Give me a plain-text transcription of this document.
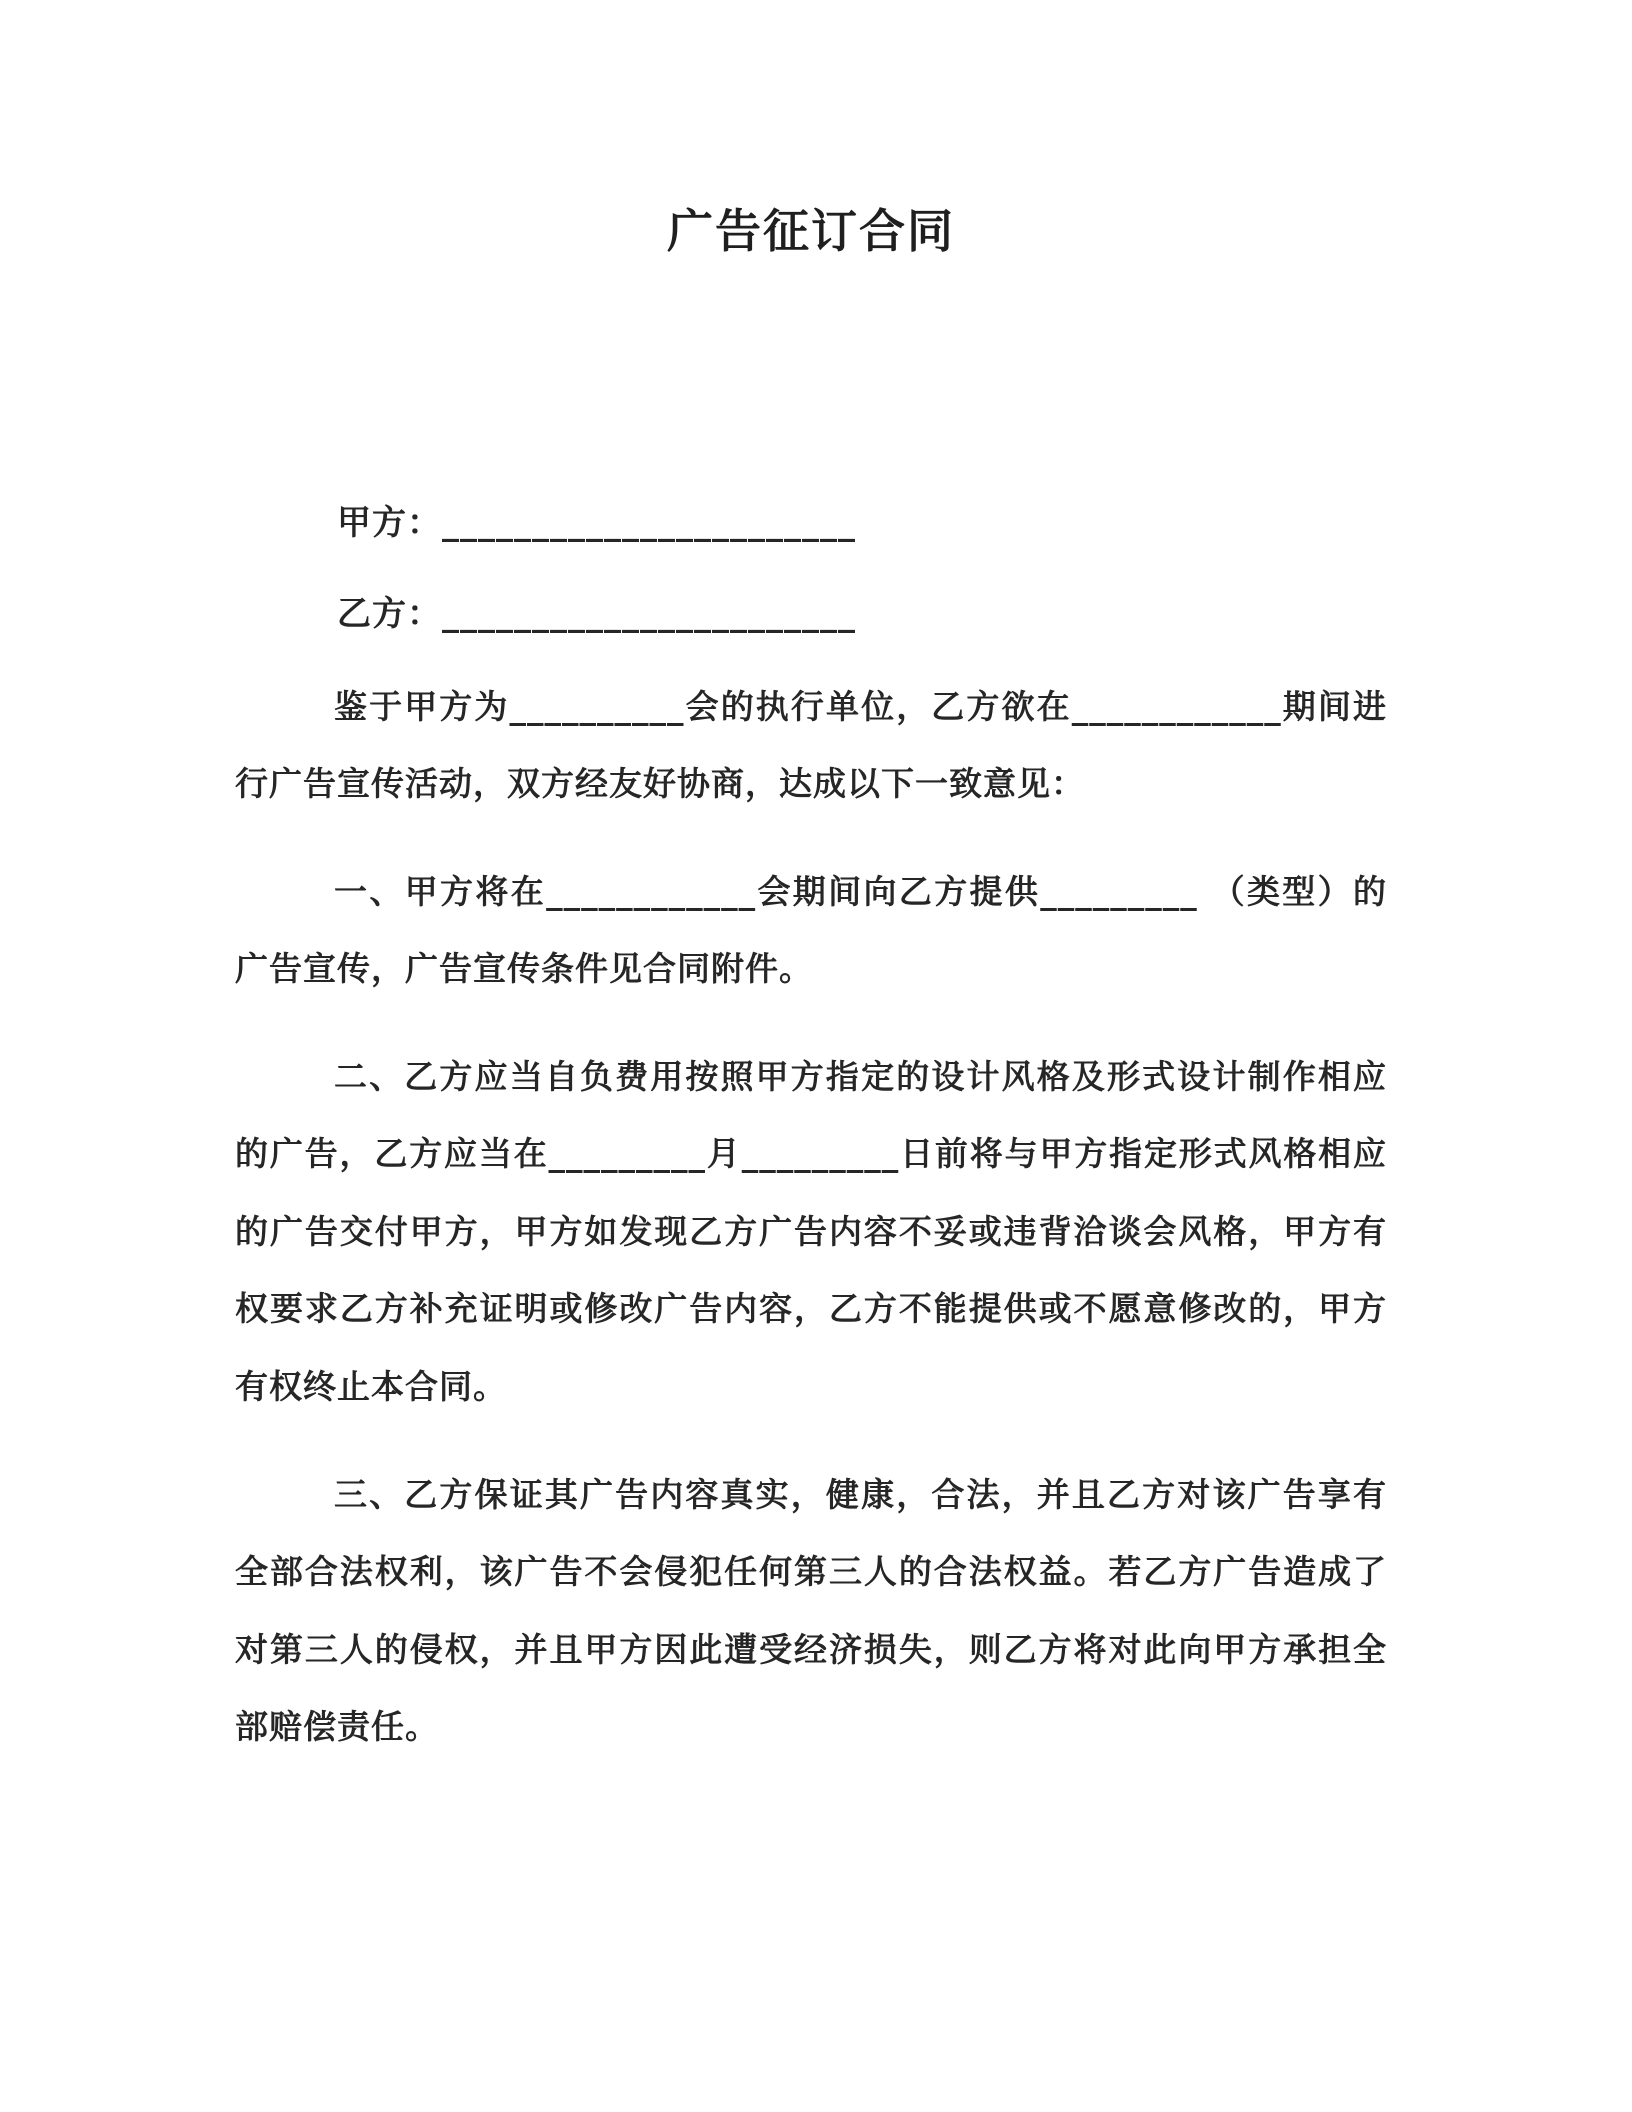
广告征订合同

甲方：_______________________

乙方：_______________________

鉴于甲方为__________会的执行单位，乙方欲在____________期间进行广告宣传活动，双方经友好协商，达成以下一致意见：

一、甲方将在____________会期间向乙方提供_________ （类型）的广告宣传，广告宣传条件见合同附件。

二、乙方应当自负费用按照甲方指定的设计风格及形式设计制作相应的广告，乙方应当在_________月_________日前将与甲方指定形式风格相应的广告交付甲方，甲方如发现乙方广告内容不妥或违背洽谈会风格，甲方有权要求乙方补充证明或修改广告内容，乙方不能提供或不愿意修改的，甲方有权终止本合同。

三、乙方保证其广告内容真实，健康，合法，并且乙方对该广告享有全部合法权利，该广告不会侵犯任何第三人的合法权益。若乙方广告造成了对第三人的侵权，并且甲方因此遭受经济损失，则乙方将对此向甲方承担全部赔偿责任。
